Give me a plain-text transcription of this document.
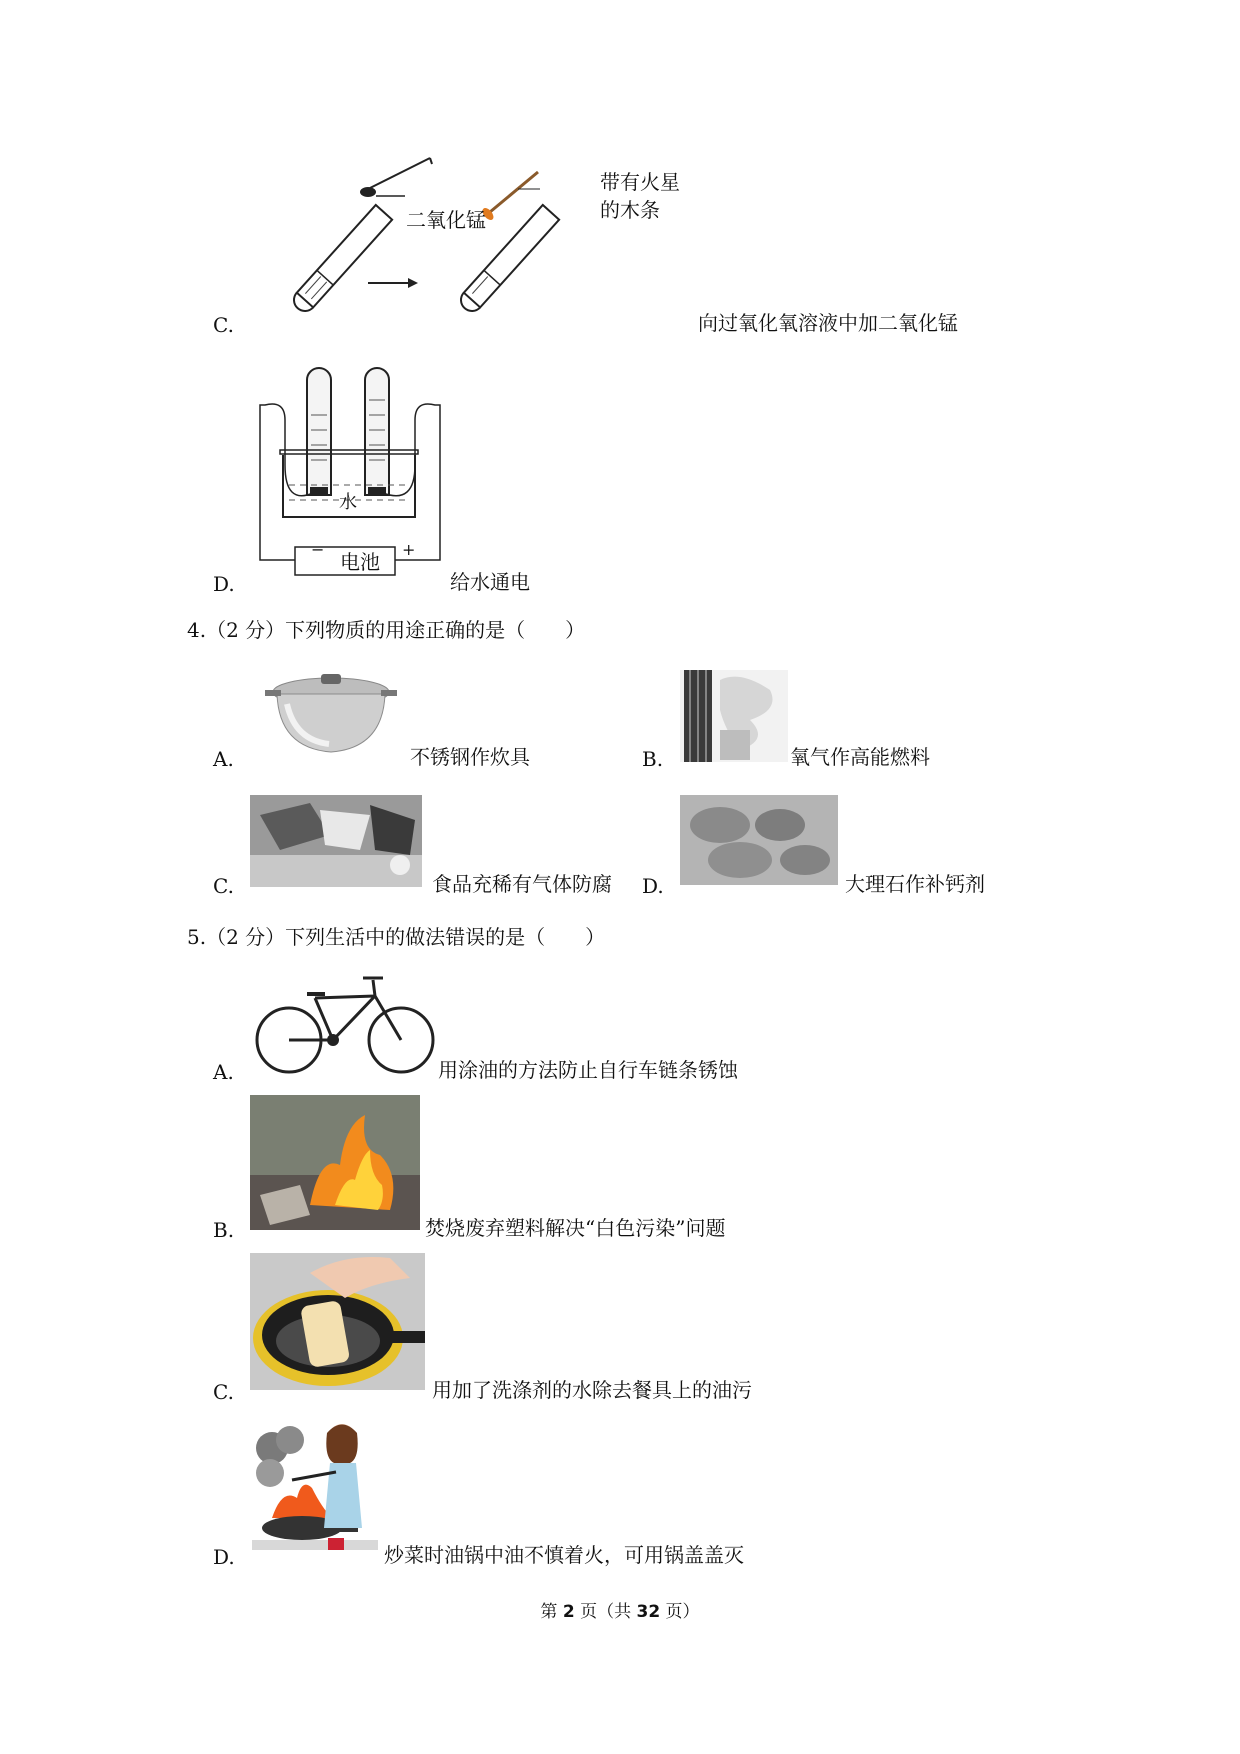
二氧化锰
带有火星
的木条
C.	向过氧化氧溶液中加二氧化锰
水
电池
−	+
D.	给水通电
4.（2 分）下列物质的用途正确的是（　　）
A.	不锈钢作炊具	B.	氧气作高能燃料
C.	食品充稀有气体防腐 D.	大理石作补钙剂
5.（2 分）下列生活中的做法错误的是（　　）
A.	用涂油的方法防止自行车链条锈蚀
B.	焚烧废弃塑料解决“白色污染”问题
C.	用加了洗涤剂的水除去餐具上的油污
D.	炒菜时油锅中油不慎着火，可用锅盖盖灭
第 2 页（共 32 页）
